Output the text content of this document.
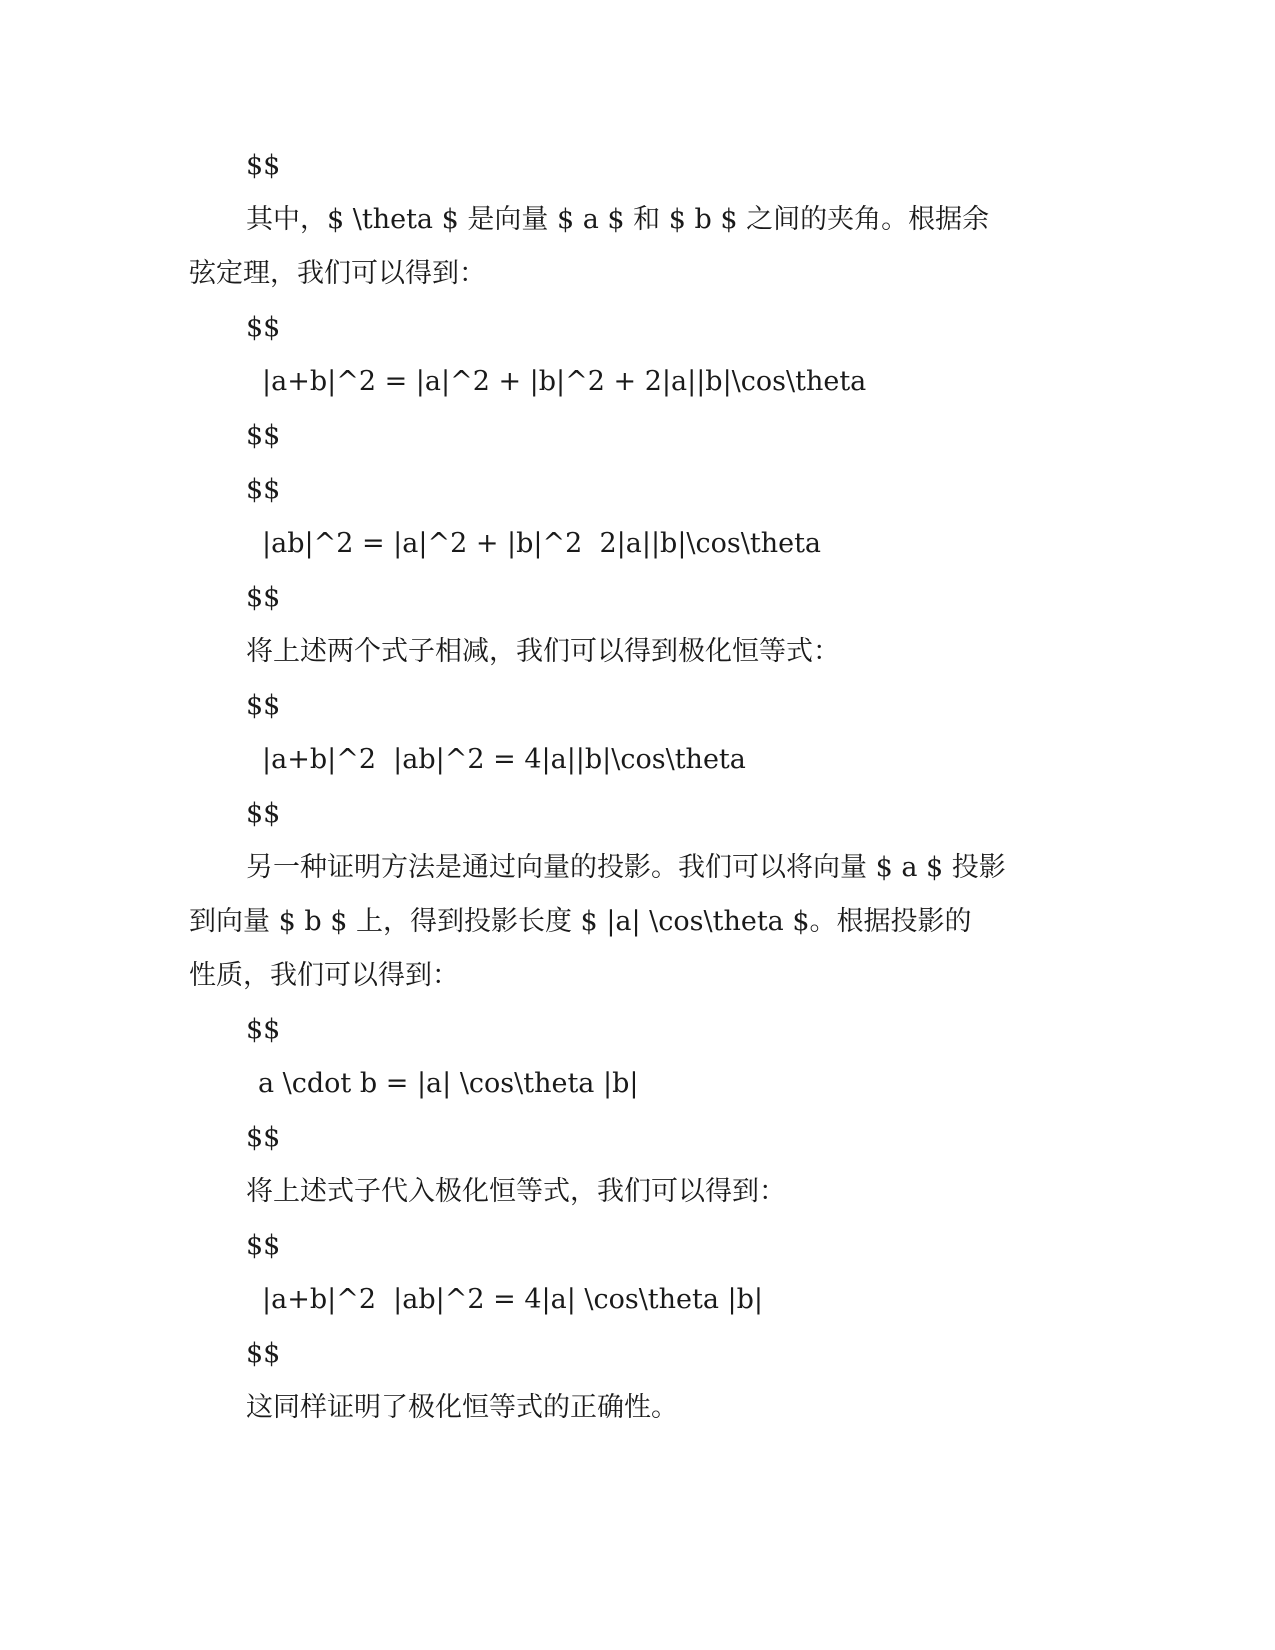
$$
其中，$ \theta $ 是向量 $ a $ 和 $ b $ 之间的夹角。根据余
弦定理，我们可以得到：
$$
|a+b|^2 = |a|^2 + |b|^2 + 2|a||b|\cos\theta
$$
$$
|ab|^2 = |a|^2 + |b|^2  2|a||b|\cos\theta
$$
将上述两个式子相减，我们可以得到极化恒等式：
$$
|a+b|^2  |ab|^2 = 4|a||b|\cos\theta
$$
另一种证明方法是通过向量的投影。我们可以将向量 $ a $ 投影
到向量 $ b $ 上，得到投影长度 $ |a| \cos\theta $。根据投影的
性质，我们可以得到：
$$
a \cdot b = |a| \cos\theta |b|
$$
将上述式子代入极化恒等式，我们可以得到：
$$
|a+b|^2  |ab|^2 = 4|a| \cos\theta |b|
$$
这同样证明了极化恒等式的正确性。
